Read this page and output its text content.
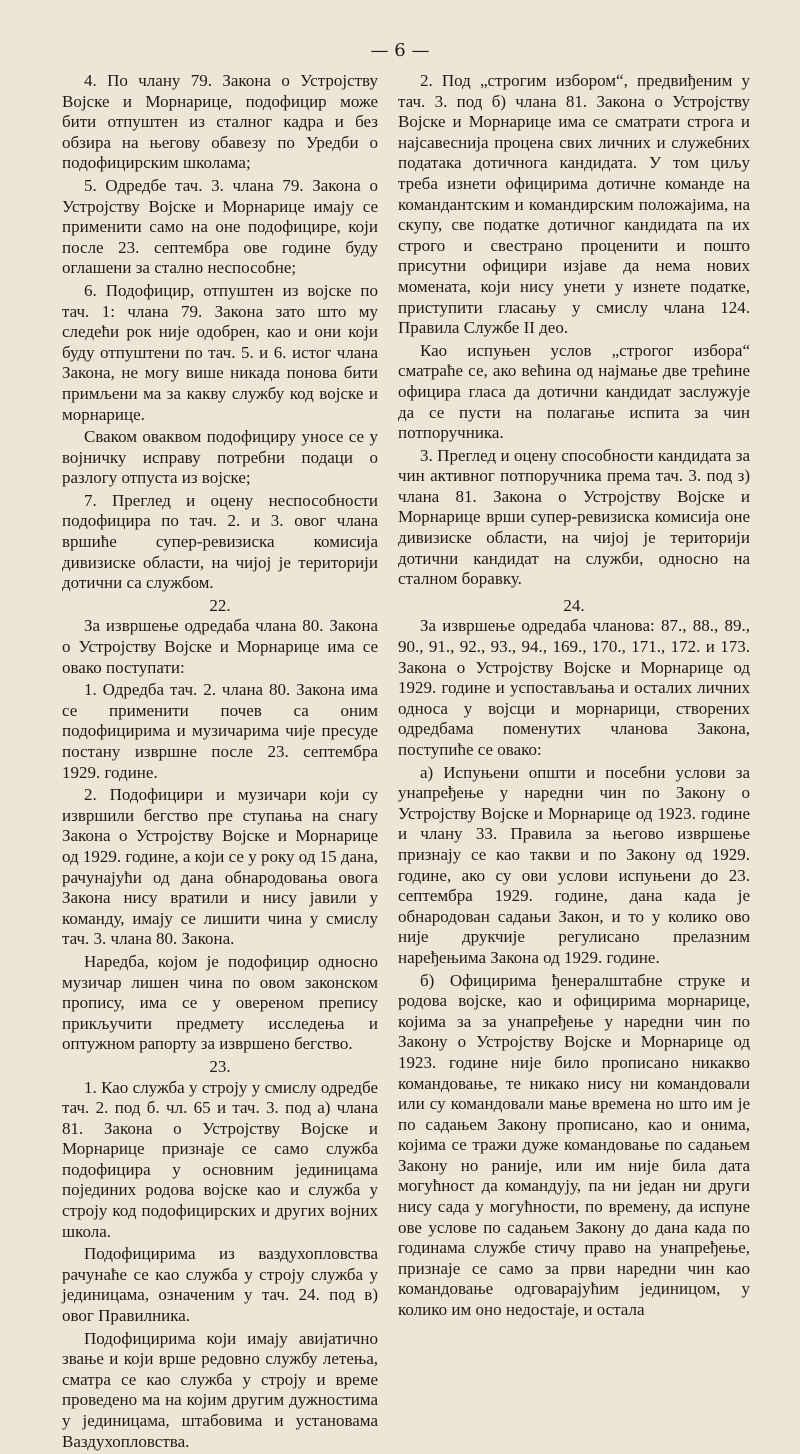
— 6 —

4. По члану 79. Закона о Устројству Војске и Морнарице, подофицир може бити отпуштен из сталног кадра и без обзира на његову обавезу по Уредби о подофицирским школама;

5. Одредбе тач. 3. члана 79. Закона о Устројству Војске и Морнарице имају се применити само на оне подофицире, који после 23. септембра ове године буду оглашени за стално неспособне;

6. Подофицир, отпуштен из војске по тач. 1: члана 79. Закона зато што му следећи рок није одобрен, као и они који буду отпуштени по тач. 5. и 6. истог члана Закона, не могу више никада понова бити примљени ма за какву службу код војске и морнарице.

Сваком оваквом подофициру уносе се у војничку исправу потребни подаци о разлогу отпуста из војске;

7. Преглед и оцену неспособности подофицира по тач. 2. и 3. овог члана вршиће супер-ревизиска комисија дивизиске области, на чијој је територији дотични са службом.

22.

За извршење одредаба члана 80. Закона о Устројству Војске и Морнарице има се овако поступати:

1. Одредба тач. 2. члана 80. Закона има се применити почев са оним подофицирима и музичарима чије пресуде постану извршне после 23. септембра 1929. године.

2. Подофицири и музичари који су извршили бегство пре ступања на снагу Закона о Устројству Војске и Морнарице од 1929. године, а који се у року од 15 дана, рачунајући од дана обнародовања овога Закона нису вратили и нису јавили у команду, имају се лишити чина у смислу тач. 3. члана 80. Закона.

Наредба, којом је подофицир односно музичар лишен чина по овом законском пропису, има се у овереном препису прикључити предмету исследења и оптужном рапорту за извршено бегство.

23.

1. Као служба у строју у смислу одредбе тач. 2. под б. чл. 65 и тач. 3. под а) члана 81. Закона о Устројству Војске и Морнарице признаје се само служба подофицира у основним јединицама појединих родова војске као и служба у строју код подофицирских и других војних школа.

Подофицирима из ваздухопловства рачунаће се као служба у строју служба у јединицама, означеним у тач. 24. под в) овог Правилника.

Подофицирима који имају авијатично звање и који врше редовно службу летења, сматра се као служба у строју и време проведено ма на којим другим дужностима у јединицама, штабовима и установама Ваздухопловства.

2. Под „строгим избором“, предвиђеним у тач. 3. под б) члана 81. Закона о Устројству Војске и Морнарице има се сматрати строга и најсавеснија процена свих личних и служебних података дотичнога кандидата. У том циљу треба изнети официрима дотичне команде на командантским и командирским положајима, на скупу, све податке дотичног кандидата па их строго и свестрано проценити и пошто присутни официри изјаве да нема нових момената, који нису унети у изнете податке, приступити гласању у смислу члана 124. Правила Службе II део.

Као испуњен услов „строгог избора“ сматраће се, ако већина од најмање две трећине официра гласа да дотични кандидат заслужује да се пусти на полагање испита за чин потпоручника.

3. Преглед и оцену способности кандидата за чин активног потпоручника према тач. 3. под з) члана 81. Закона о Устројству Војске и Морнарице врши супер-ревизиска комисија оне дивизиске области, на чијој је територији дотични кандидат на служби, односно на сталном боравку.

24.

За извршење одредаба чланова: 87., 88., 89., 90., 91., 92., 93., 94., 169., 170., 171., 172. и 173. Закона о Устројству Војске и Морнарице од 1929. године и успостављања и осталих личних односа у војсци и морнарици, створених одредбама поменутих чланова Закона, поступиће се овако:

а) Испуњени општи и посебни услови за унапређење у наредни чин по Закону о Устројству Војске и Морнарице од 1923. године и члану 33. Правила за његово извршење признају се као такви и по Закону од 1929. године, ако су ови услови испуњени до 23. септембра 1929. године, дана када је обнародован садањи Закон, и то у колико ово није друкчије регулисано прелазним наређењима Закона од 1929. године.

б) Официрима ђенералштабне струке и родова војске, као и официрима морнарице, којима за за унапређење у наредни чин по Закону о Устројству Војске и Морнарице од 1923. године није било прописано никакво командовање, те никако нису ни командовали или су командовали мање времена но што им је по садањем Закону прописано, као и онима, којима се тражи дуже командовање по садањем Закону но раније, или им није била дата могућност да командују, па ни један ни други нису сада у могућности, по времену, да испуне ове услове по садањем Закону до дана када по годинама службе стичу право на унапређење, признаје се само за први наредни чин као командовање одговарајућим јединицом, у колико им оно недостаје, и остала
